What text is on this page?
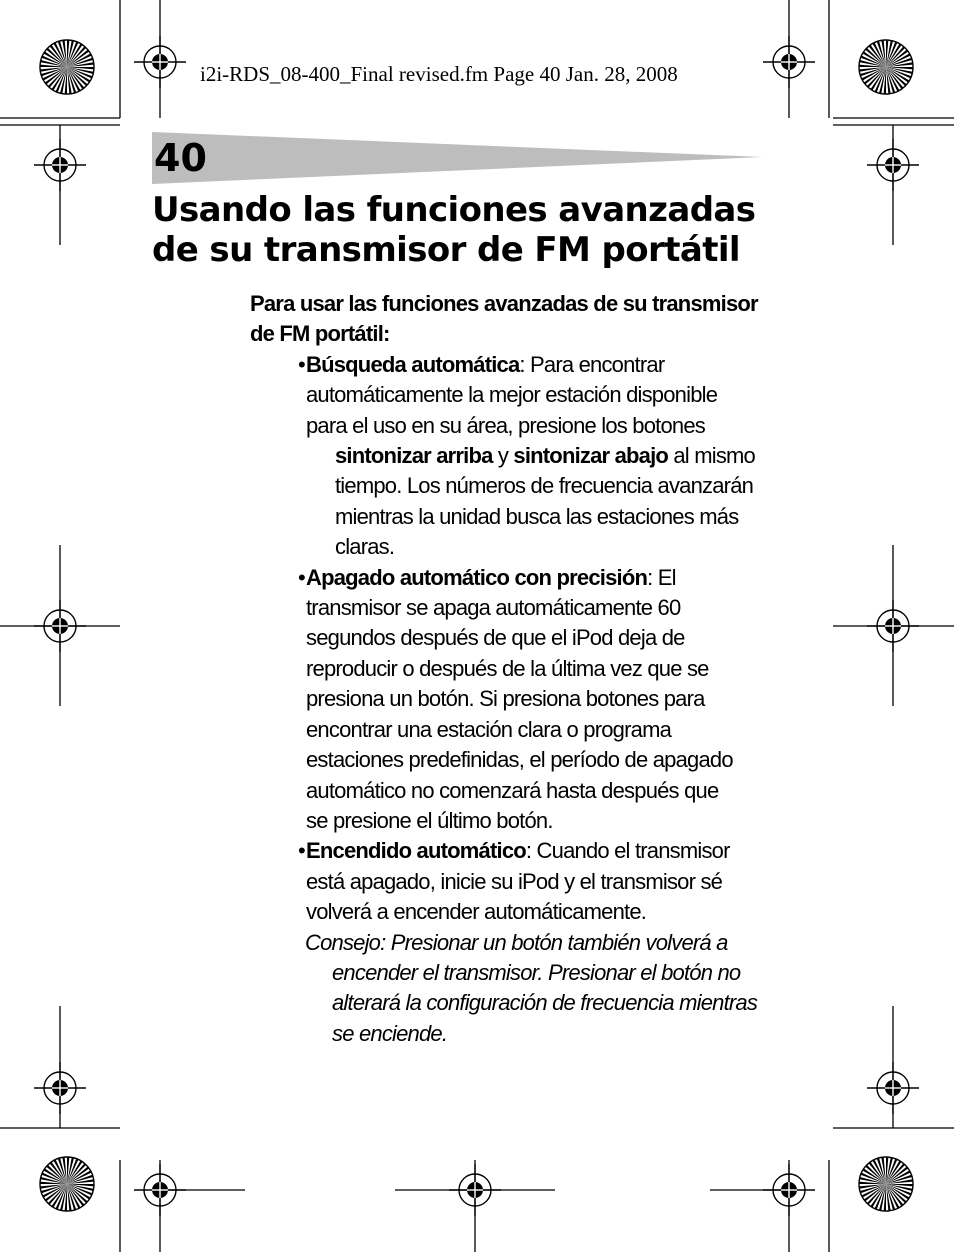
i2i-RDS_08-400_Final revised.fm Page 40 Jan. 28, 2008
40
Usando las funciones avanzadas
de su transmisor de FM portátil

Para usar las funciones avanzadas de su transmisor de FM portátil:

• Búsqueda automática: Para encontrar automáticamente la mejor estación disponible para el uso en su área, presione los botones sintonizar arriba y sintonizar abajo al mismo tiempo. Los números de frecuencia avanzarán mientras la unidad busca las estaciones más claras.

• Apagado automático con precisión: El transmisor se apaga automáticamente 60 segundos después de que el iPod deja de reproducir o después de la última vez que se presiona un botón. Si presiona botones para encontrar una estación clara o programa estaciones predefinidas, el período de apagado automático no comenzará hasta después que se presione el último botón.

• Encendido automático: Cuando el transmisor está apagado, inicie su iPod y el transmisor sé volverá a encender automáticamente.

Consejo: Presionar un botón también volverá a encender el transmisor. Presionar el botón no alterará la configuración de frecuencia mientras se enciende.
